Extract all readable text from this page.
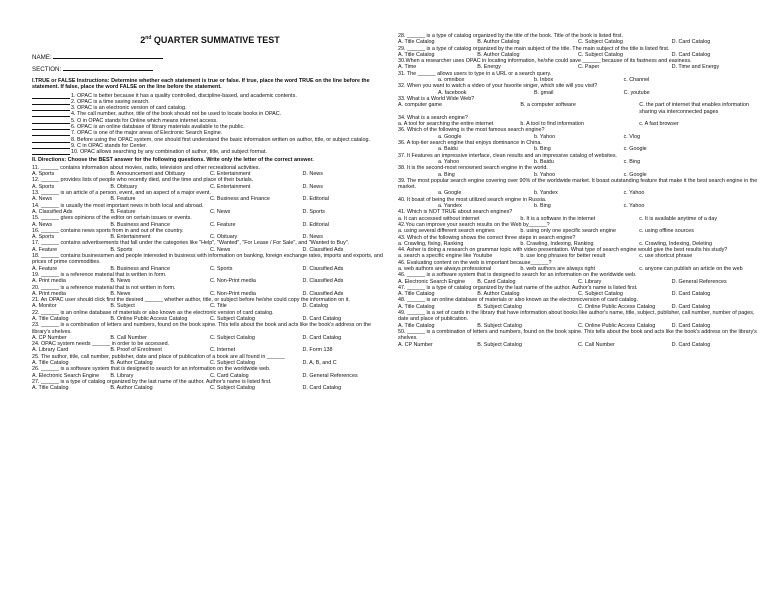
2nd QUARTER SUMMATIVE TEST
NAME:
SECTION:
I.TRUE or FALSE Instructions: Determine whether each statement is true or false. If true, place the word TRUE on the line before the statement. If false, place the word FALSE on the line before the statement.
1. OPAC is better because it has a quality controlled, discipline-based, and academic contents.
2. OPAC is a time saving search.
3. OPAC is an electronic version of card catalog.
4. The call number, author, title of the book should not be used to locate books in OPAC.
5. O in OPAC stands for Online which means internet access.
6. OPAC is an online database of library materials available to the public.
7. OPAC is one of the major areas of Electronic Search Engine.
8. Before using the OPAC system, one should first understand the basic information written on author, title, or subject catalog.
9. C in OPAC stands for Center.
10. OPAC allows searching by any combination of author, title, and subject format.
II. Directions: Choose the BEST answer for the following questions. Write only the letter of the correct answer.
11. ______ contains information about movies, radio, television and other recreational activities.
A. Sports	B. Announcement and Obituary	C. Entertainment	D. News
12. ______ provides lists of people who recently died, and the time and place of their burials.
A. Sports	B. Obituary	C. Entertainment	D. News
13. ______ is an article of a person, event, and an aspect of a major event.
A. News	B. Feature	C. Business and Finance	D. Editorial
14. ______ is usually the most important news in both local and abroad.
A. Classified Ads	B. Feature	C. News	D. Sports
15. ______ gives opinions of the editor on certain issues or events.
A. News	B. Business and Finance	C. Feature	D. Editorial
16. ______ contains news sports from in and out of the country.
A. Sports	B. Entertainment	C. Obituary	D. News
17. ______ contains advertisements that fall under the categories like "Help", "Wanted", "For Lease / For Sale", and "Wanted to Buy".
A. Feature	B. Sports	C. News	D. Classified Ads
18. ______ contains businessmen and people interested in business with information on banking, foreign exchange rates, imports and exports, and prices of prime commodities.
A. Feature	B. Business and Finance	C. Sports	D. Classified Ads
19. ______ is a reference material that is written in form.
A. Print media	B. News	C. Non-Print media	D. Classified Ads
20. ______ is a reference material that is not written in form.
A. Print media	B. News	C. Non-Print media	D. Classified Ads
21. An OPAC user should click first the desired ______ whether author, title, or subject before he/she could copy the information on it.
A. Monitor	B. Subject	C. Title	D. Catalog
22. ______ is an online database of materials or also known as the electronic version of card catalog.
A. Title Catalog	B. Online Public Access Catalog	C. Subject Catalog	D. Card Catalog
23. ______ is a combination of letters and numbers, found on the book spine. This tells about the book and acts like the book's address on the library's shelves.
A. CP Number	B. Call Number	C. Subject Catalog	D. Card Catalog
24. OPAC system needs ______ in order to be accessed.
A. Library Card	B. Proof of Enrolment	C. Internet	D. Form 138
25. The author, title, call number, publisher, date and place of publication of a book are all found in ______
A. Title Catalog	B. Author Catalog	C. Subject Catalog	D. A, B, and C
26. ______ is a software system that is designed to search for an information on the worldwide web.
A. Electronic Search Engine	B. Library	C. Card Catalog	D. General References
27. ______ is a type of catalog organized by the last name of the author. Author's name is listed first.
A. Title Catalog	B. Author Catalog	C. Subject Catalog	D. Card Catalog
28. ______ is a type of catalog organized by the title of the book. Title of the book is listed first.
A. Title Catalog	B. Author Catalog	C. Subject Catalog	D. Card Catalog
29. ______ is a type of catalog organized by the main subject of the title. The main subject of the title is listed first.
A. Title Catalog	B. Author Catalog	C. Subject Catalog	D. Card Catalog
30.When a researcher uses OPAC in locating information, he/she could save ______ because of its fastness and easiness.
A. Time	B. Energy	C. Paper	D. Time and Energy
31. The ______ allows users to type in a URL or a search query.
a. omnibox	b. Inbox	c. Channel
32. When you want to watch a video of your favorite singer, which site will you visit?
A. facebook	B. gmail	C. youtube
33. What is a World Wide Web?
A. computer game	B. a computer software	C. the part of internet that enables information sharing via interconnected pages
34. What is a search engine?
a. A tool for searching the entire internet	b. A tool to find information	c. A fast browser
36. Which of the following is the most famous search engine?
a. Google	b. Yahoo	c. Vlog
36. A top-tier search engine that enjoys dominance in China.
a. Baidu	b. Bing	c. Google
37. It Features an impressive interface, clean results and an impressive catalog of websites.
a. Yahoo	b. Baidu	c. Bing
38. It is the second-most renowned search engine in the world.
a. Bing	b. Yahoo	c. Google
39. The most popular search engine covering over 90% of the worldwide market. It boast outstanding feature that make it the best search engine in the market.
a. Google	b. Yandex	c. Yahoo
40. It boast of being the most utilized search engine in Russia.
a. Yandex	b. Bing	c. Yahoo
41. Which is NOT TRUE about search engines?
a. It can accessed without internet	b. It is a software in the internet	c. It is available anytime of a day
42.You can improve your search results on the Web by______?
a. using several different search engines	b. using only one specific search engine	c. using offline sources
43. Which of the following shows the correct three steps in search engine?
a. Crawling, fixing, Ranking	b. Crawling, Indexing, Ranking	c. Crawling, Indexing, Deleting
44. Asher is doing a research on grammar topic with video presentation. What type of search engine would give the best results his study?
a. search a specific engine like Youtube	b. use long phrases for better result	c. use shortcut phrase
46. Evaluating content on the web is important because______?
a. web authors are always professional	b. web authors are always right	c. anyone can publish an article on the web
46. ______ is a software system that is designed to search for an information on the worldwide web.
A. Electronic Search Engine	B. Card Catalog	C. Library	D. General References
47. ______ is a type of catalog organized by the last name of the author. Author's name is listed first.
A. Title Catalog	B. Author Catalog	C. Subject Catalog	D. Card Catalog
48. ______ is an online database of materials or also known as the electronicversion of card catalog.
A. Title Catalog	B. Subject Catalog	C. Online Public Access Catalog	D. Card Catalog
49. ______ is a set of cards in the library that have information about books like author's name, title, subject, publisher, call number, number of pages, date and place of publication.
A. Title Catalog	B. Subject Catalog	C. Online Public Access Catalog	D. Card Catalog
50. ______ is a combination of letters and numbers, found on the book spine. This tells about the book and acts like the book's address on the library's shelves.
A. CP Number	B. Subject Catalog	C. Call Number	D. Card Catalog
